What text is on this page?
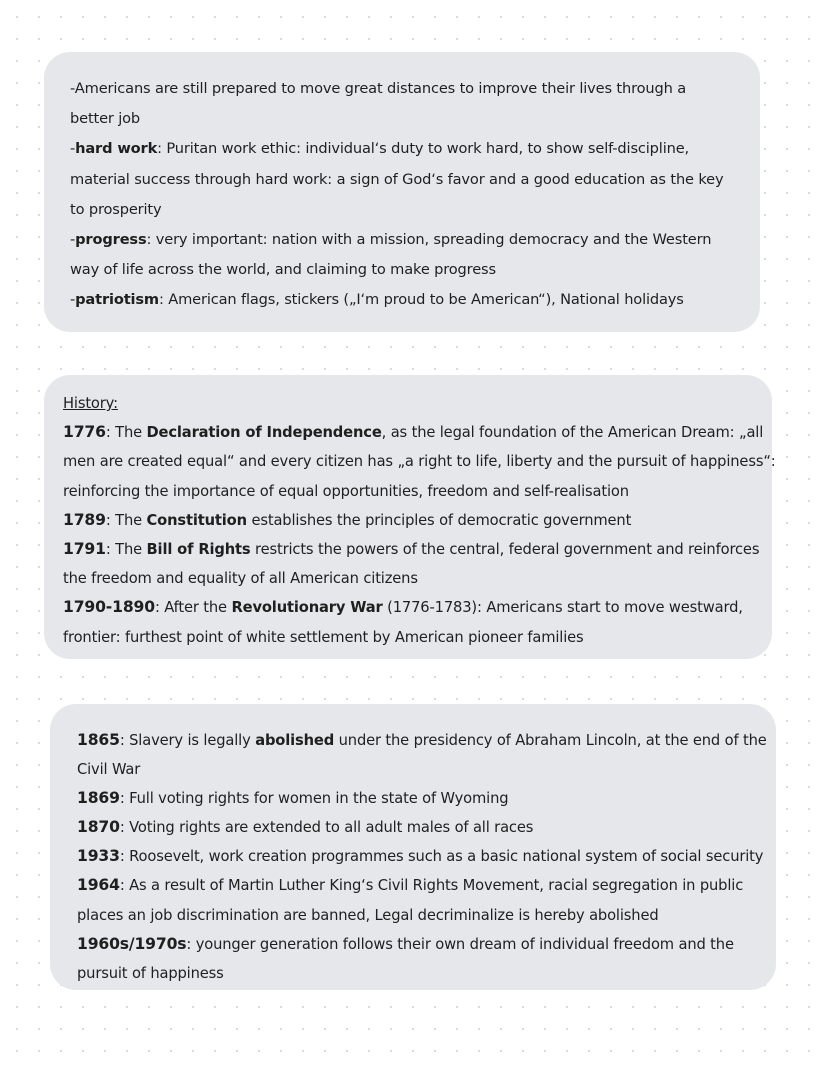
-Americans are still prepared to move great distances to improve their lives through a
better job
-hard work: Puritan work ethic: individual‘s duty to work hard, to show self-discipline,
material success through hard work: a sign of God‘s favor and a good education as the key
to prosperity
-progress: very important: nation with a mission, spreading democracy and the Western
way of life across the world, and claiming to make progress
-patriotism: American flags, stickers („I‘m proud to be American“), National holidays
History:
1776: The Declaration of Independence, as the legal foundation of the American Dream: „all
men are created equal“ and every citizen has „a right to life, liberty and the pursuit of happiness“:
reinforcing the importance of equal opportunities, freedom and self-realisation
1789: The Constitution establishes the principles of democratic government
1791: The Bill of Rights restricts the powers of the central, federal government and reinforces
the freedom and equality of all American citizens
1790-1890: After the Revolutionary War (1776-1783): Americans start to move westward,
frontier: furthest point of white settlement by American pioneer families
1865: Slavery is legally abolished under the presidency of Abraham Lincoln, at the end of the
Civil War
1869: Full voting rights for women in the state of Wyoming
1870: Voting rights are extended to all adult males of all races
1933: Roosevelt, work creation programmes such as a basic national system of social security
1964: As a result of Martin Luther King‘s Civil Rights Movement, racial segregation in public
places an job discrimination are banned, Legal decriminalize is hereby abolished
1960s/1970s: younger generation follows their own dream of individual freedom and the
pursuit of happiness
